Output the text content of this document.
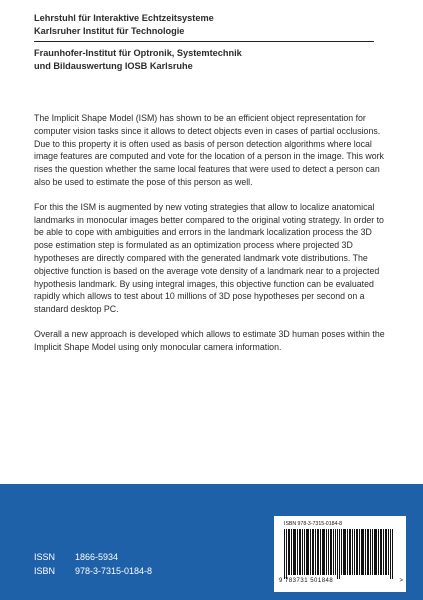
Lehrstuhl für Interaktive Echtzeitsysteme
Karlsruher Institut für Technologie
Fraunhofer-Institut für Optronik, Systemtechnik
und Bildauswertung IOSB Karlsruhe

The Implicit Shape Model (ISM) has shown to be an efficient object representation for computer vision tasks since it allows to detect objects even in cases of partial occlusions. Due to this property it is often used as basis of person detection algorithms where local image features are computed and vote for the location of a person in the image. This work rises the question whether the same local features that were used to detect a person can also be used to estimate the pose of this person as well.

For this the ISM is augmented by new voting strategies that allow to localize anatomical landmarks in monocular images better compared to the original voting strategy. In order to be able to cope with ambiguities and errors in the landmark localization process the 3D pose estimation step is formulated as an optimization process where projected 3D hypotheses are directly compared with the generated landmark vote distributions. The objective function is based on the average vote density of a landmark near to a projected hypothesis landmark. By using integral images, this objective function can be evaluated rapidly which allows to test about 10 millions of 3D pose hypotheses per second on a standard desktop PC.

Overall a new approach is developed which allows to estimate 3D human poses within the Implicit Shape Model using only monocular camera information.

ISSN	1866-5934
ISBN	978-3-7315-0184-8
ISBN 978-3-7315-0184-8
9 783731 501848	>
